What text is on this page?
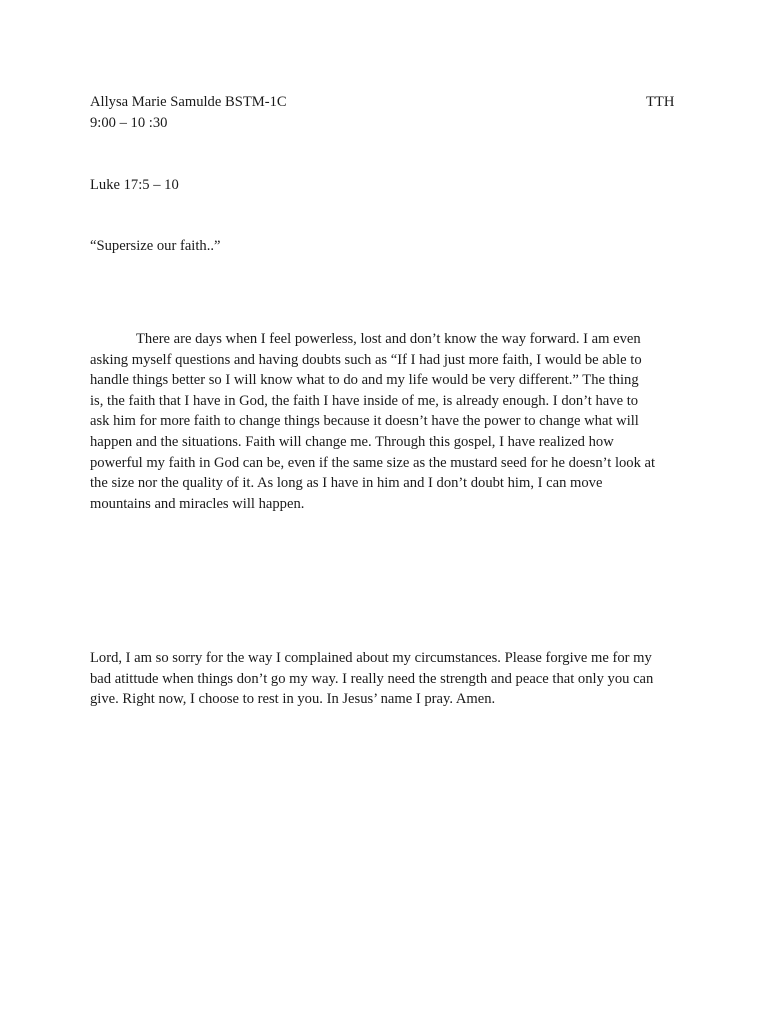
Allysa Marie Samulde BSTM-1C	TTH
9:00 – 10 :30
Luke 17:5 – 10
“Supersize our faith..”
There are days when I feel powerless, lost and don’t know the way forward. I am even
asking myself questions and having doubts such as “If I had just more faith, I would be able to
handle things better so I will know what to do and my life would be very different.” The thing
is, the faith that I have in God, the faith I have inside of me, is already enough. I don’t have to
ask him for more faith to change things because it doesn’t have the power to change what will
happen and the situations. Faith will change me. Through this gospel, I have realized how
powerful my faith in God can be, even if the same size as the mustard seed for he doesn’t look at
the size nor the quality of it. As long as I have in him and I don’t doubt him, I can move
mountains and miracles will happen.
Lord, I am so sorry for the way I complained about my circumstances. Please forgive me for my
bad atittude when things don’t go my way. I really need the strength and peace that only you can
give. Right now, I choose to rest in you. In Jesus’ name I pray. Amen.
